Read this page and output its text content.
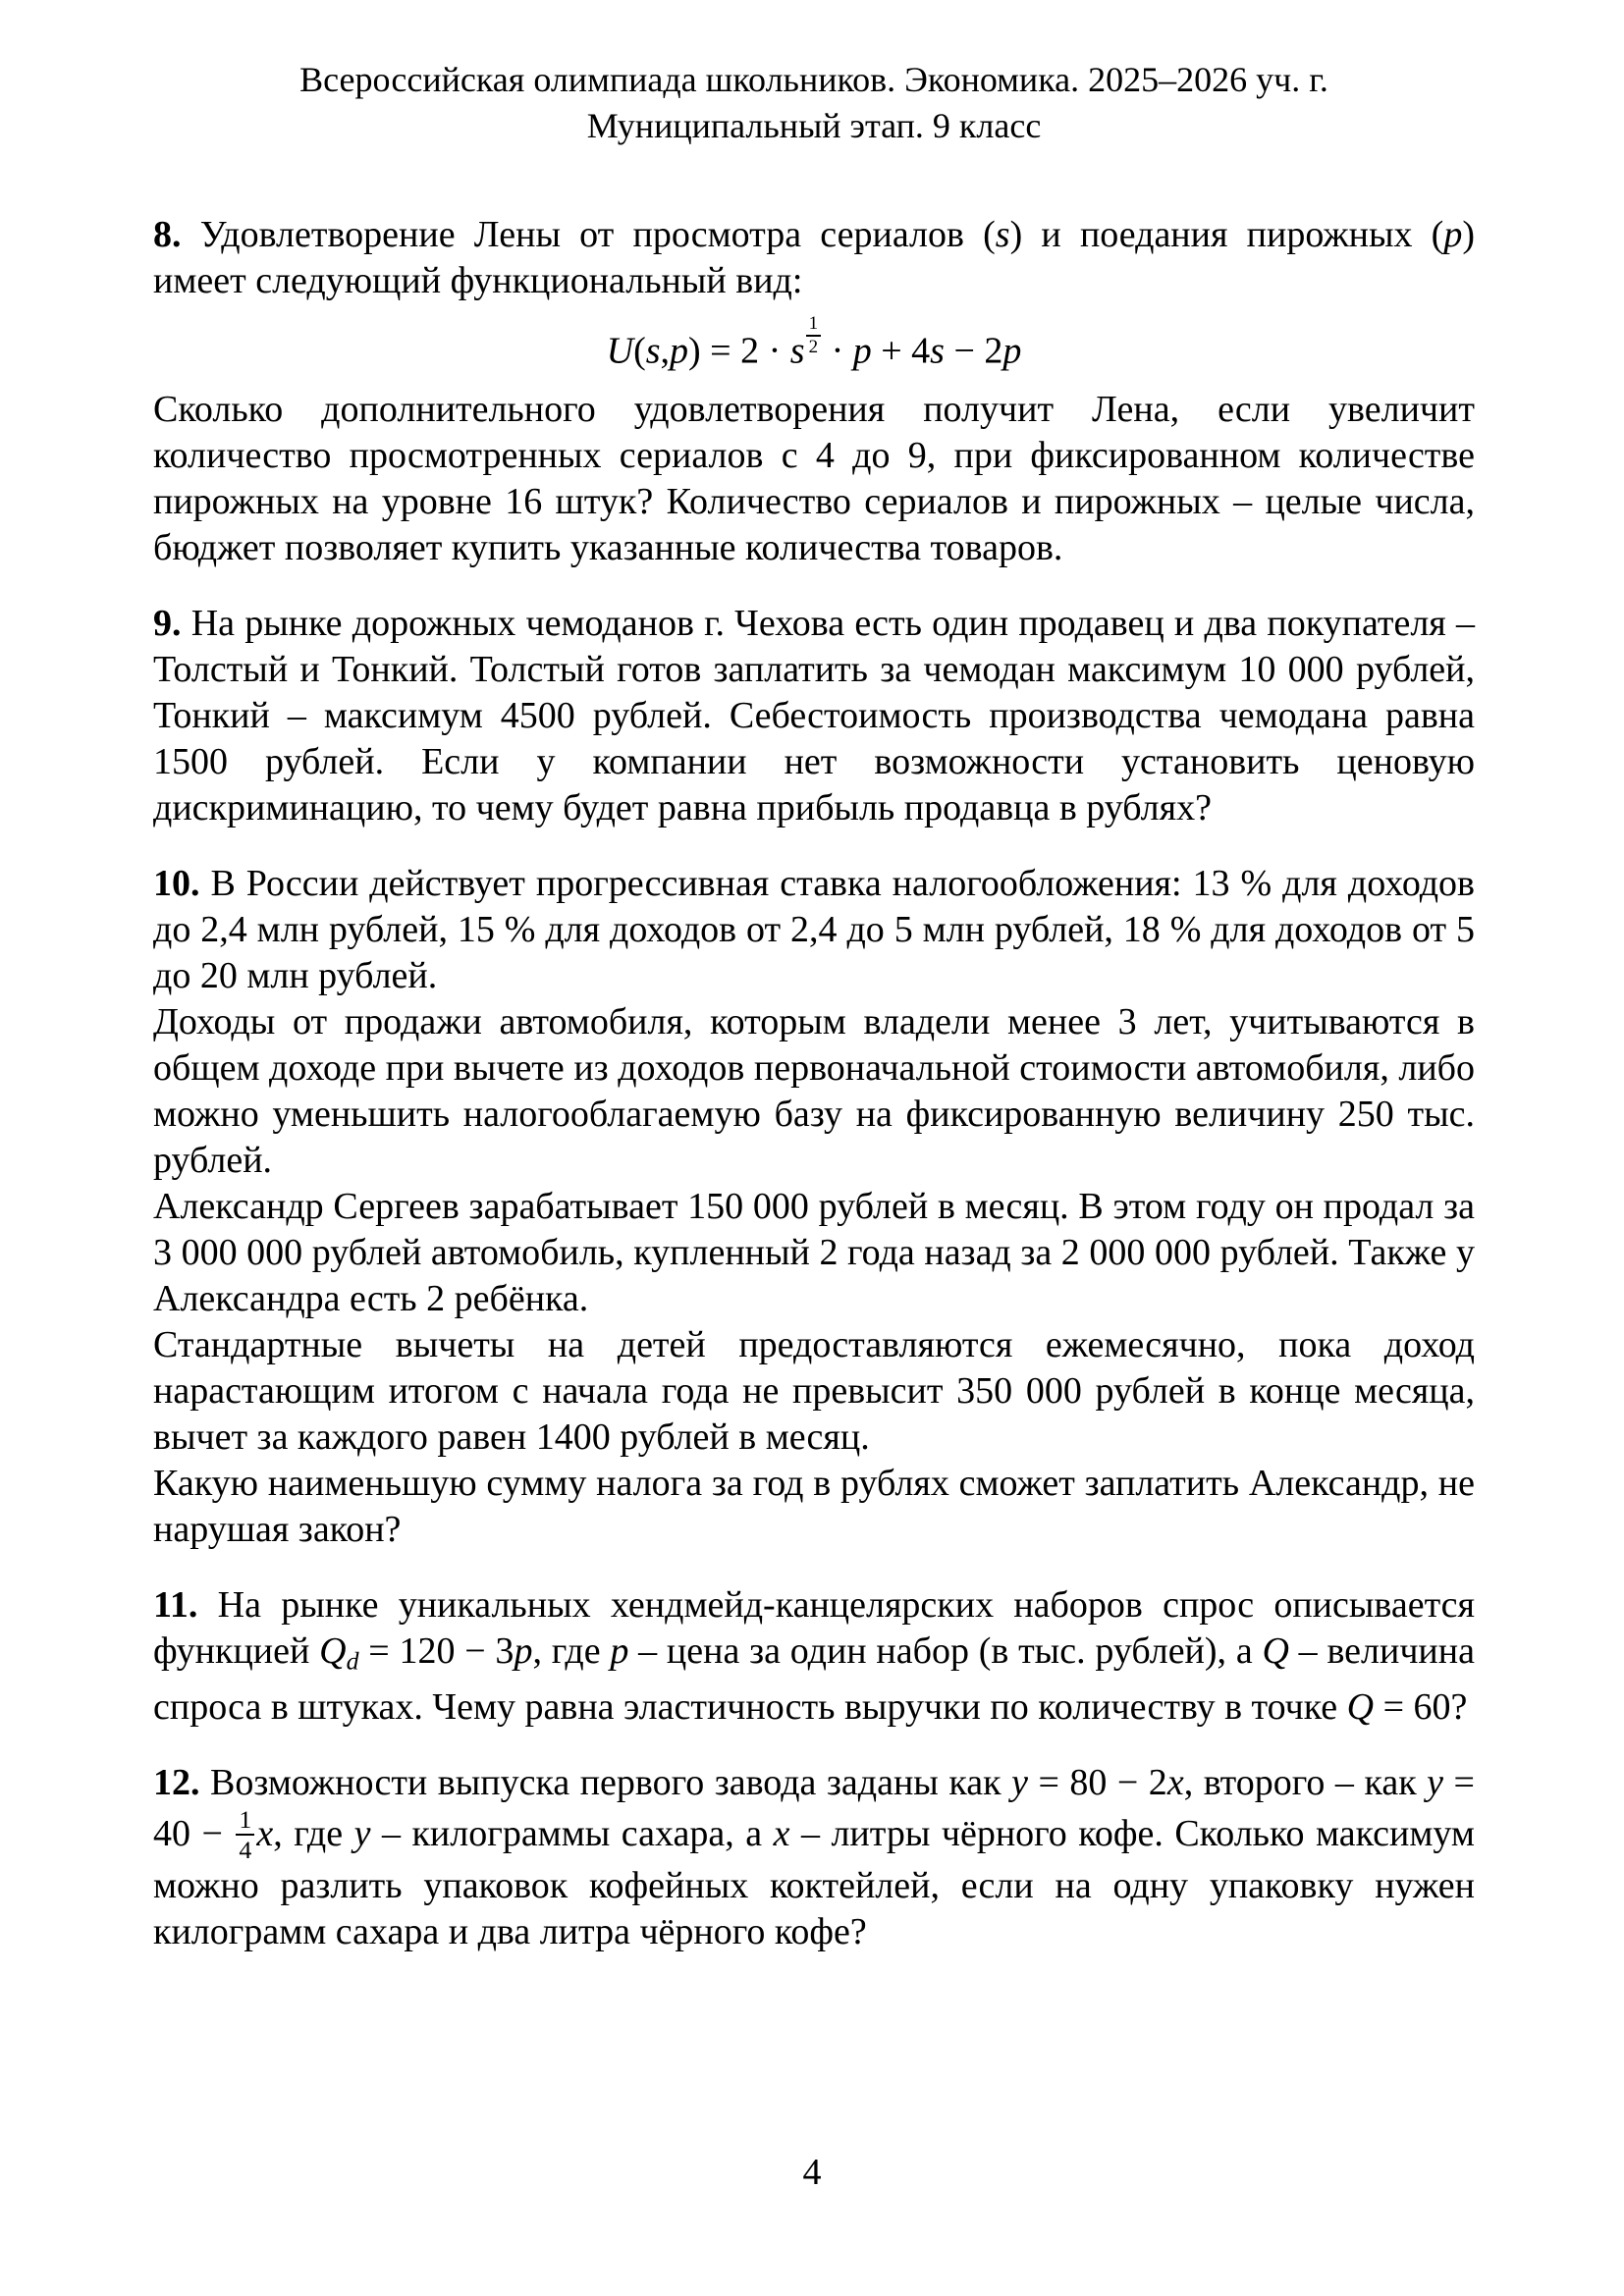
Всероссийская олимпиада школьников. Экономика. 2025–2026 уч. г.

Муниципальный этап. 9 класс

8. Удовлетворение Лены от просмотра сериалов (s) и поедания пирожных (p) имеет следующий функциональный вид:

U(s,p) = 2 · s $\frac{1}{2} \cdot p + 4s - 2p$

Сколько дополнительного удовлетворения получит Лена, если увеличит количество просмотренных сериалов с 4 до 9, при фиксированном количестве пирожных на уровне 16 штук? Количество сериалов и пирожных – целые числа, бюджет позволяет купить указанные количества товаров.

9. На рынке дорожных чемоданов г. Чехова есть один продавец и два покупателя – Толстый и Тонкий. Толстый готов заплатить за чемодан максимум 10 000 рублей, Тонкий – максимум 4500 рублей. Себестоимость производства чемодана равна 1500 рублей. Если у компании нет возможности установить ценовую дискриминацию, то чему будет равна прибыль продавца в рублях?

10. В России действует прогрессивная ставка налогообложения: 13 % для доходов до 2,4 млн рублей, 15 % для доходов от 2,4 до 5 млн рублей, 18 % для доходов от 5 до 20 млн рублей.

Доходы от продажи автомобиля, которым владели менее 3 лет, учитываются в общем доходе при вычете из доходов первоначальной стоимости автомобиля, либо можно уменьшить налогооблагаемую базу на фиксированную величину 250 тыс. рублей.

Александр Сергеев зарабатывает 150 000 рублей в месяц. В этом году он продал за 3 000 000 рублей автомобиль, купленный 2 года назад за 2 000 000 рублей. Также у Александра есть 2 ребёнка.

Стандартные вычеты на детей предоставляются ежемесячно, пока доход нарастающим итогом с начала года не превысит 350 000 рублей в конце месяца, вычет за каждого равен 1400 рублей в месяц.

Какую наименьшую сумму налога за год в рублях сможет заплатить Александр, не нарушая закон?

11. На рынке уникальных хендмейд-канцелярских наборов спрос описывается функцией Qd = 120 − 3p, где p – цена за один набор (в тыс. рублей), а Q – величина спроса в штуках. Чему равна эластичность выручки по количеству в точке Q = 60?

12. Возможности выпуска первого завода заданы как y = 80 − 2x, второго – как $y = 40 - \frac{1}{4} x$, где y – килограммы сахара, а x – литры чёрного кофе. Сколько максимум можно разлить упаковок кофейных коктейлей, если на одну упаковку нужен килограмм сахара и два литра чёрного кофе?

4
